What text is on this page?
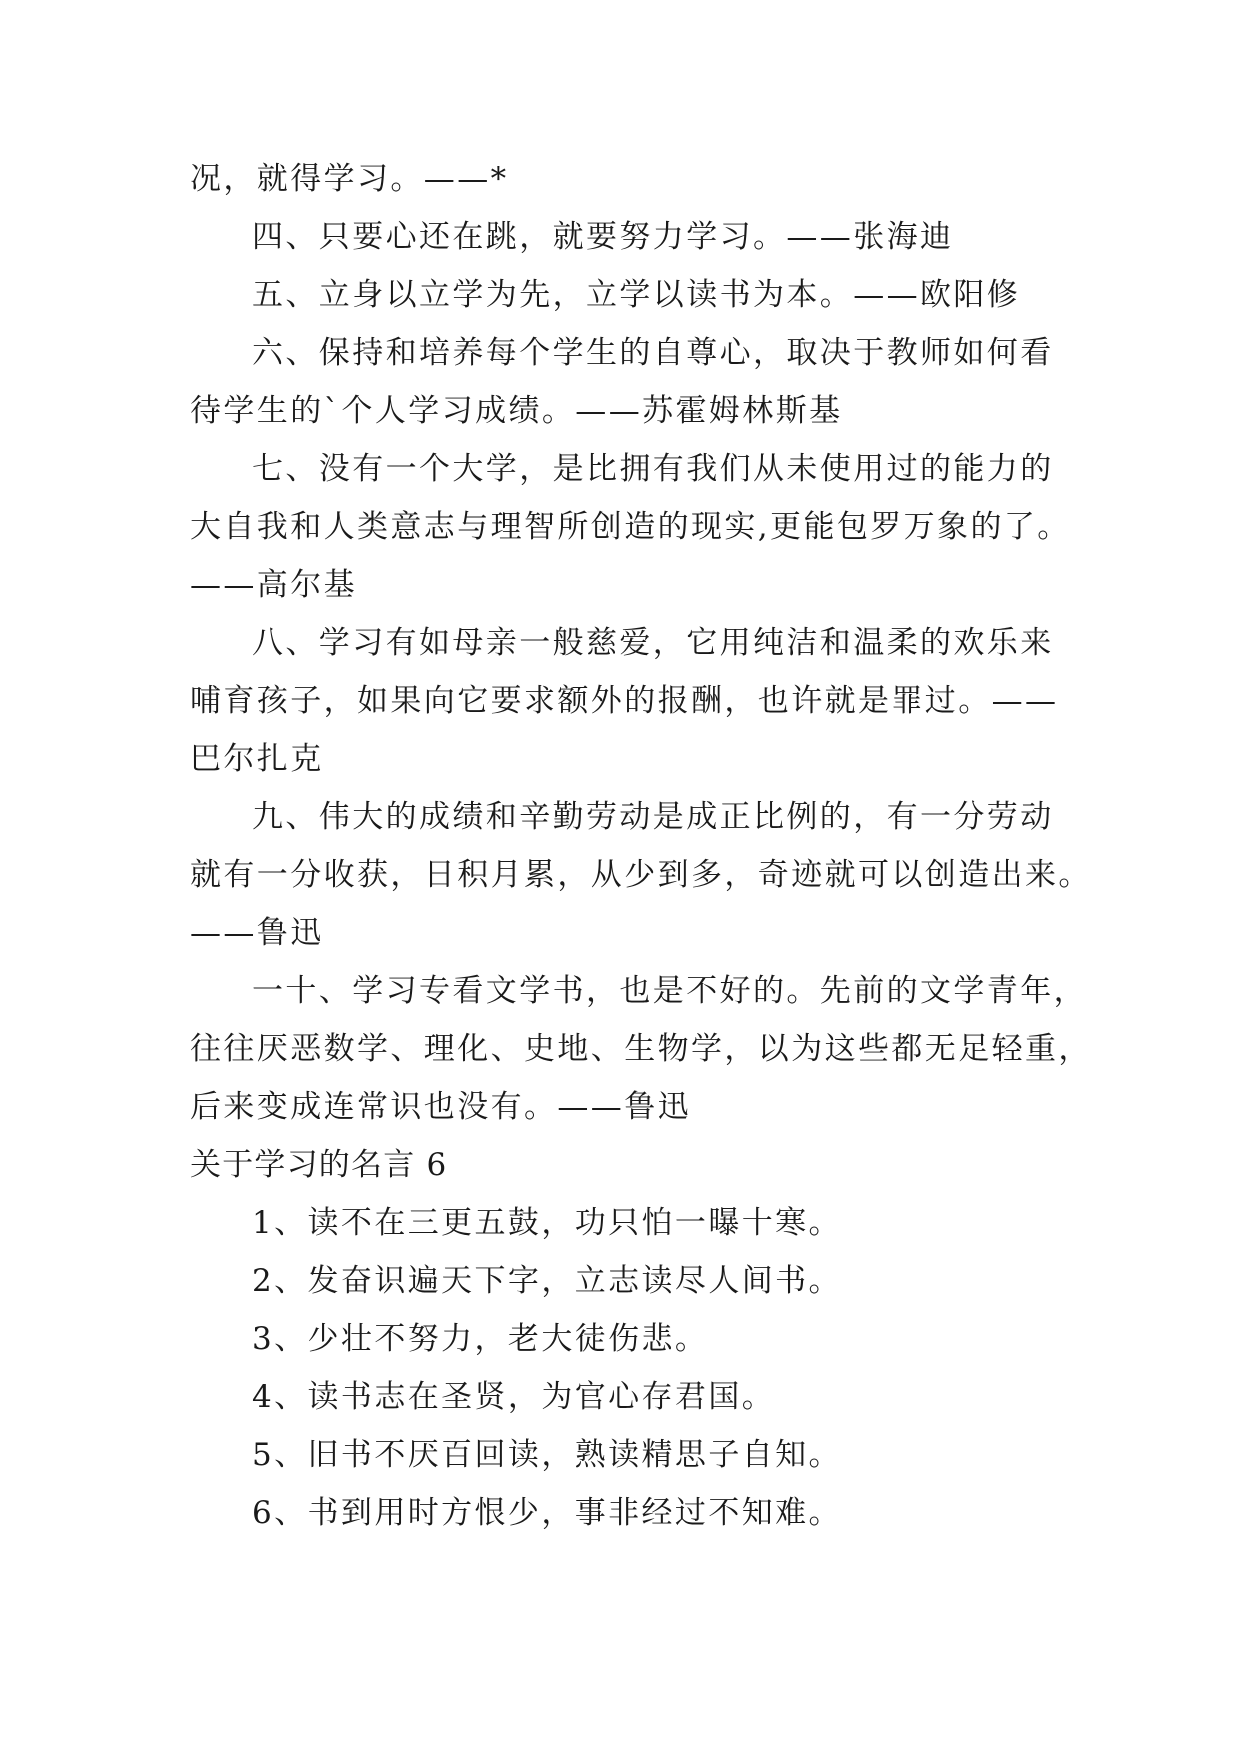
况，就得学习。——*
四、只要心还在跳，就要努力学习。——张海迪
五、立身以立学为先，立学以读书为本。——欧阳修
六、保持和培养每个学生的自尊心，取决于教师如何看
待学生的`个人学习成绩。——苏霍姆林斯基
七、没有一个大学，是比拥有我们从未使用过的能力的
大自我和人类意志与理智所创造的现实,更能包罗万象的了。
——高尔基
八、学习有如母亲一般慈爱，它用纯洁和温柔的欢乐来
哺育孩子，如果向它要求额外的报酬，也许就是罪过。——
巴尔扎克
九、伟大的成绩和辛勤劳动是成正比例的，有一分劳动
就有一分收获，日积月累，从少到多，奇迹就可以创造出来。
——鲁迅
一十、学习专看文学书，也是不好的。先前的文学青年，
往往厌恶数学、理化、史地、生物学，以为这些都无足轻重，
后来变成连常识也没有。——鲁迅
关于学习的名言 6
1、读不在三更五鼓，功只怕一曝十寒。
2、发奋识遍天下字，立志读尽人间书。
3、少壮不努力，老大徒伤悲。
4、读书志在圣贤，为官心存君国。
5、旧书不厌百回读，熟读精思子自知。
6、书到用时方恨少，事非经过不知难。
